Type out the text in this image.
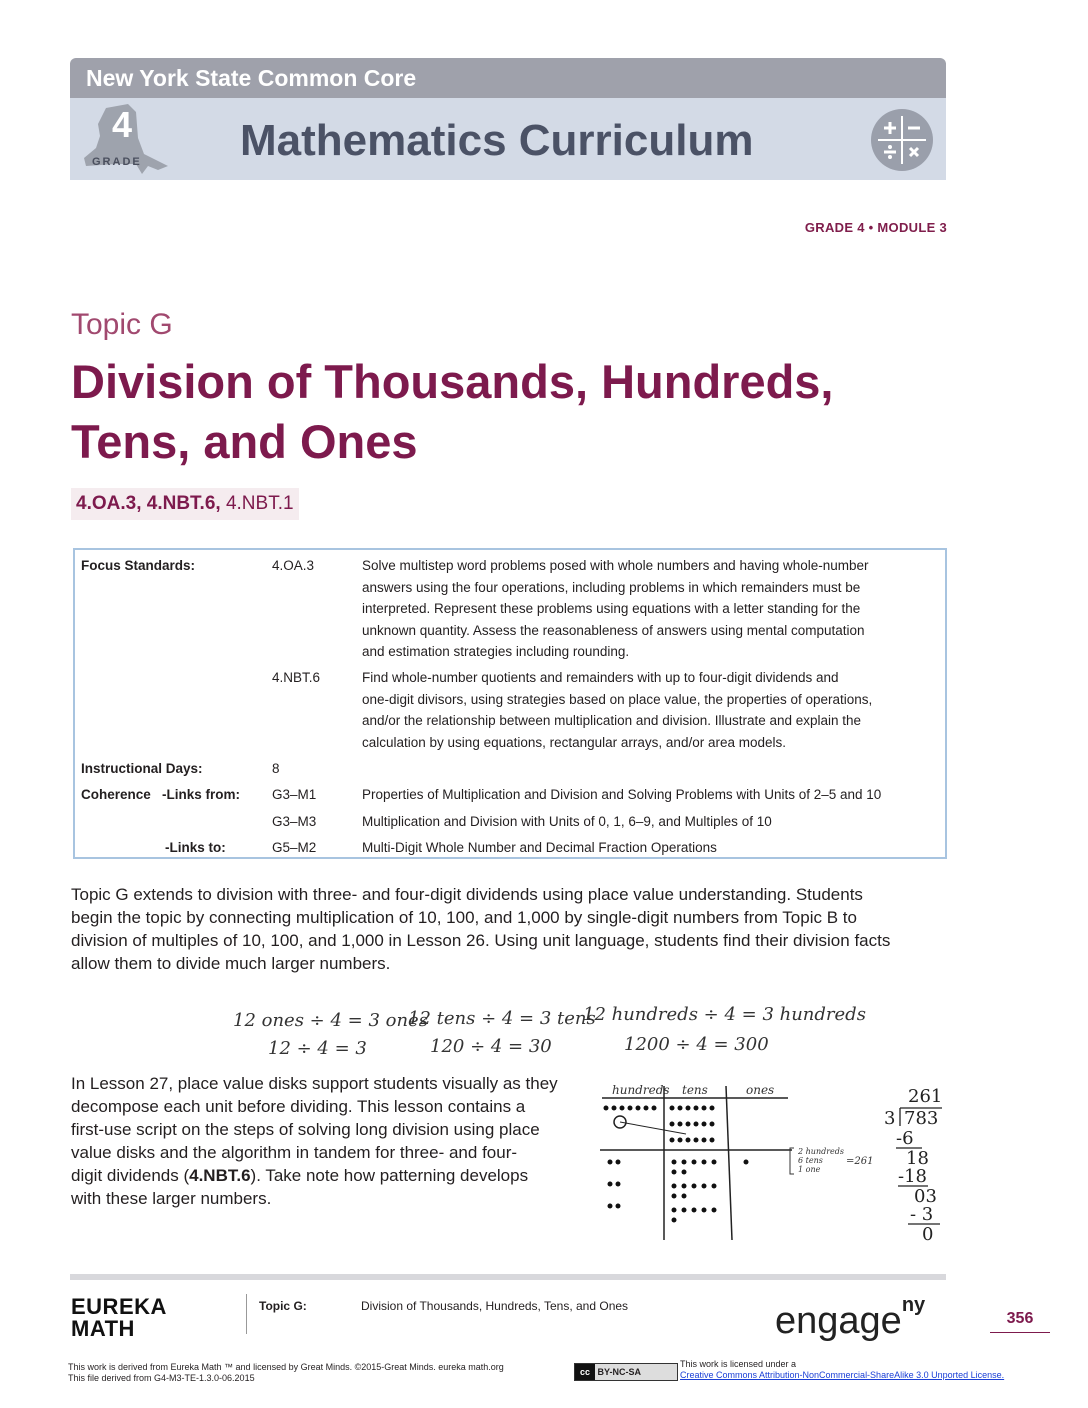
New York State Common Core
4
GRADE Mathematics Curriculum
GRADE 4 • MODULE 3
Topic G
Division of Thousands, Hundreds,
Tens, and Ones
4.OA.3, 4.NBT.6, 4.NBT.1
Focus Standards:	4.OA.3	Solve multistep word problems posed with whole numbers and having whole-number
answers using the four operations, including problems in which remainders must be
interpreted. Represent these problems using equations with a letter standing for the
unknown quantity. Assess the reasonableness of answers using mental computation
and estimation strategies including rounding.
4.NBT.6	Find whole-number quotients and remainders with up to four-digit dividends and
one-digit divisors, using strategies based on place value, the properties of operations,
and/or the relationship between multiplication and division. Illustrate and explain the
calculation by using equations, rectangular arrays, and/or area models.
Instructional Days:	8
Coherence   -Links from: G3–M1	Properties of Multiplication and Division and Solving Problems with Units of 2–5 and 10
G3–M3	Multiplication and Division with Units of 0, 1, 6–9, and Multiples of 10
-Links to:	G5–M2	Multi-Digit Whole Number and Decimal Fraction Operations
Topic G extends to division with three- and four-digit dividends using place value understanding. Students
begin the topic by connecting multiplication of 10, 100, and 1,000 by single-digit numbers from Topic B to
division of multiples of 10, 100, and 1,000 in Lesson 26. Using unit language, students find their division facts
allow them to divide much larger numbers.
12 ones ÷ 4 = 3 ones
12 ÷ 4 = 3
12 tens ÷ 4 = 3 tens
120 ÷ 4 = 30
12 hundreds ÷ 4 = 3 hundreds
1200 ÷ 4 = 300
In Lesson 27, place value disks support students visually as they
decompose each unit before dividing. This lesson contains a
first-use script on the steps of solving long division using place
value disks and the algorithm in tandem for three- and four-
digit dividends (4.NBT.6). Take note how patterning develops
with these larger numbers.
hundreds tens	ones
2 hundreds
6 tens
1 one
=261
261
3 783
-6
18
-18
03
- 3
0
EUREKA
MATH
Topic G:	Division of Thousands, Hundreds, Tens, and Ones	engage$^{ny}$
356
This work is derived from Eureka Math ™ and licensed by Great Minds. ©2015-Great Minds. eureka math.org
This file derived from G4-M3-TE-1.3.0-06.2015
cc BY-NC-SA
This work is licensed under a
Creative Commons Attribution-NonCommercial-ShareAlike 3.0 Unported License.
